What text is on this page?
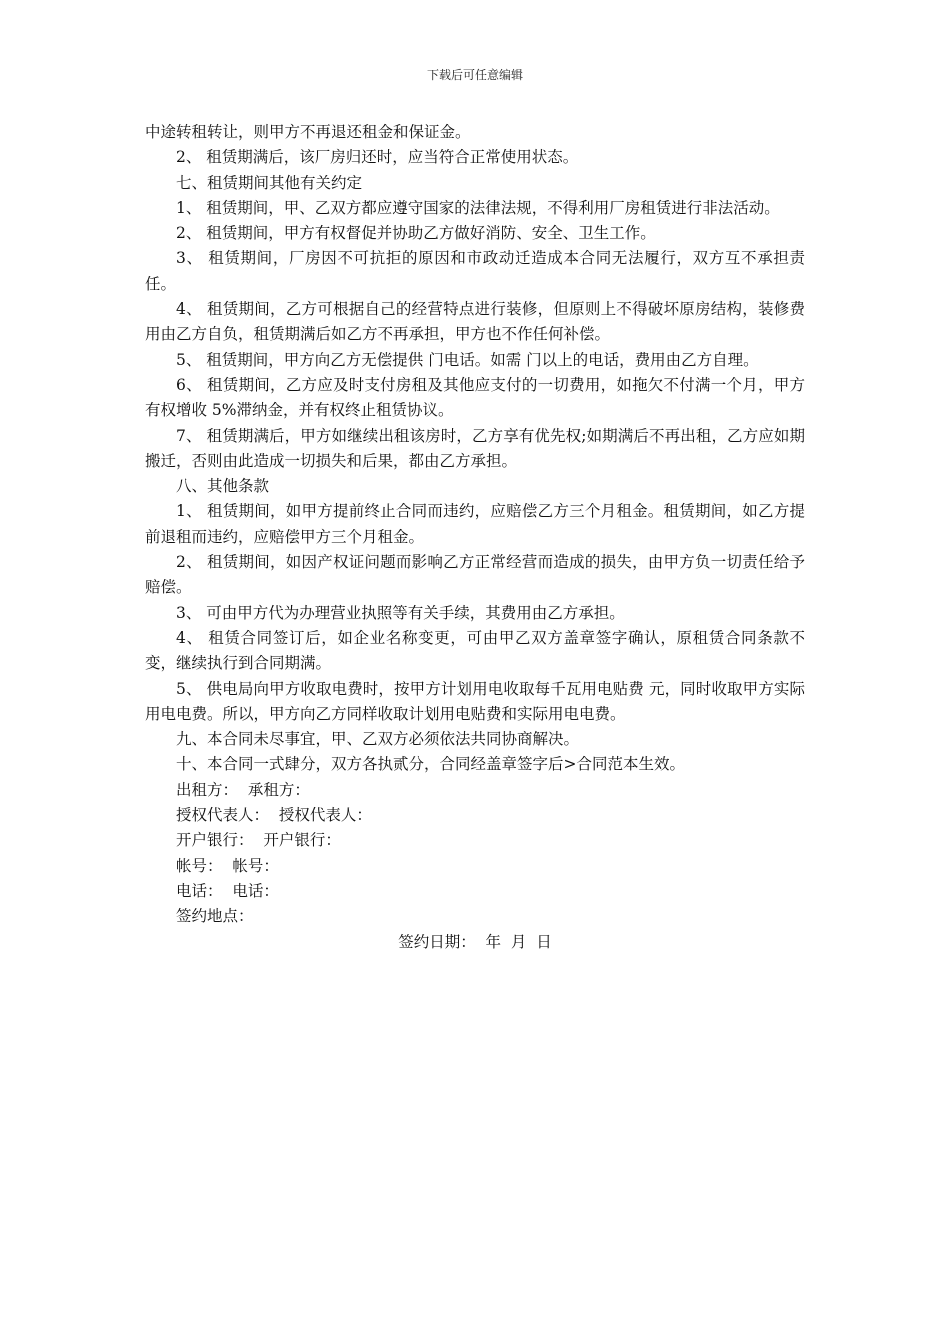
下载后可任意编辑

中途转租转让，则甲方不再退还租金和保证金。

2、 租赁期满后，该厂房归还时，应当符合正常使用状态。

七、租赁期间其他有关约定

1、 租赁期间，甲、乙双方都应遵守国家的法律法规，不得利用厂房租赁进行非法活动。

2、 租赁期间，甲方有权督促并协助乙方做好消防、安全、卫生工作。

3、 租赁期间，厂房因不可抗拒的原因和市政动迁造成本合同无法履行，双方互不承担责任。

4、 租赁期间，乙方可根据自己的经营特点进行装修，但原则上不得破坏原房结构，装修费用由乙方自负，租赁期满后如乙方不再承担，甲方也不作任何补偿。

5、 租赁期间，甲方向乙方无偿提供 门电话。如需 门以上的电话，费用由乙方自理。

6、 租赁期间，乙方应及时支付房租及其他应支付的一切费用，如拖欠不付满一个月，甲方有权增收 5%滞纳金，并有权终止租赁协议。

7、 租赁期满后，甲方如继续出租该房时，乙方享有优先权;如期满后不再出租，乙方应如期搬迁，否则由此造成一切损失和后果，都由乙方承担。

八、其他条款

1、 租赁期间，如甲方提前终止合同而违约，应赔偿乙方三个月租金。租赁期间，如乙方提前退租而违约，应赔偿甲方三个月租金。

2、 租赁期间，如因产权证问题而影响乙方正常经营而造成的损失，由甲方负一切责任给予赔偿。

3、 可由甲方代为办理营业执照等有关手续，其费用由乙方承担。

4、 租赁合同签订后，如企业名称变更，可由甲乙双方盖章签字确认，原租赁合同条款不变，继续执行到合同期满。

5、 供电局向甲方收取电费时，按甲方计划用电收取每千瓦用电贴费 元，同时收取甲方实际用电电费。所以，甲方向乙方同样收取计划用电贴费和实际用电电费。

九、本合同未尽事宜，甲、乙双方必须依法共同协商解决。

十、本合同一式肆分，双方各执贰分，合同经盖章签字后>合同范本生效。

出租方：  承租方：

授权代表人：  授权代表人：

开户银行：  开户银行：

帐号：  帐号：

电话：  电话：

签约地点：

签约日期：  年  月  日
